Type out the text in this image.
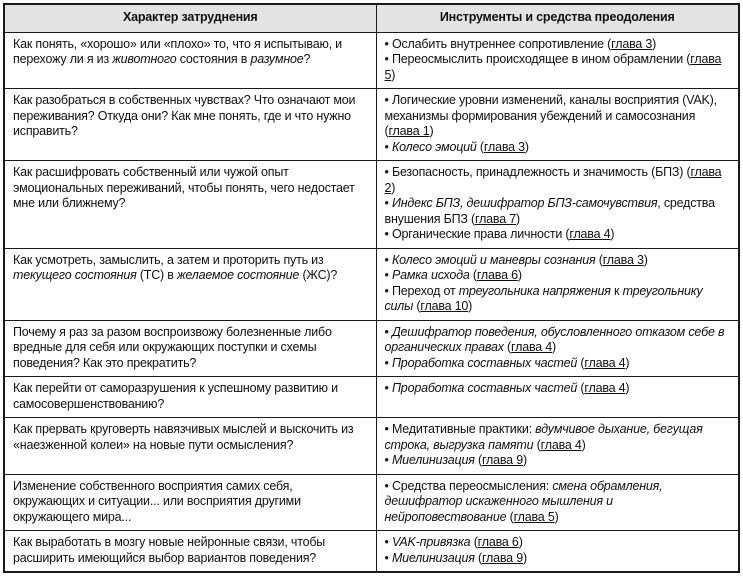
Характер затруднения	Инструменты и средства преодоления
Как понять, «хорошо» или «плохо» то, что я испытываю, и перехожу ли я из животного состояния в разумное?	• Ослабить внутреннее сопротивление (глава 3)
• Переосмыслить происходящее в ином обрамлении (глава 5)

Как разобраться в собственных чувствах? Что означают мои переживания? Откуда они? Как мне понять, где и что нужно исправить?	• Логические уровни изменений, каналы восприятия (VAK), механизмы формирования убеждений и самосознания (глава 1)
• Колесо эмоций (глава 3)

Как расшифровать собственный или чужой опыт эмоциональных переживаний, чтобы понять, чего недостает мне или ближнему?	• Безопасность, принадлежность и значимость (БПЗ) (глава 2)
• Индекс БПЗ, дешифратор БПЗ-самочувствия, средства внушения БПЗ (глава 7)
• Органические права личности (глава 4)

Как усмотреть, замыслить, а затем и проторить путь из текущего состояния (ТС) в желаемое состояние (ЖС)?	• Колесо эмоций и маневры сознания (глава 3)
• Рамка исхода (глава 6)
• Переход от треугольника напряжения к треугольнику силы (глава 10)

Почему я раз за разом воспроизвожу болезненные либо вредные для себя или окружающих поступки и схемы поведения? Как это прекратить?	• Дешифратор поведения, обусловленного отказом себе в органических правах (глава 4)
• Проработка составных частей (глава 4)

Как перейти от саморазрушения к успешному развитию и самосовершенствованию?	• Проработка составных частей (глава 4)

Как прервать круговерть навязчивых мыслей и выскочить из «наезженной колеи» на новые пути осмысления?	• Медитативные практики: вдумчивое дыхание, бегущая строка, выгрузка памяти (глава 4)
• Миелинизация (глава 9)

Изменение собственного восприятия самих себя, окружающих и ситуации... или восприятия другими окружающего мира...	• Средства переосмысления: смена обрамления, дешифратор искаженного мышления и нейроповествование (глава 5)

Как выработать в мозгу новые нейронные связи, чтобы расширить имеющийся выбор вариантов поведения?	• VAK-привязка (глава 6)
• Миелинизация (глава 9)
